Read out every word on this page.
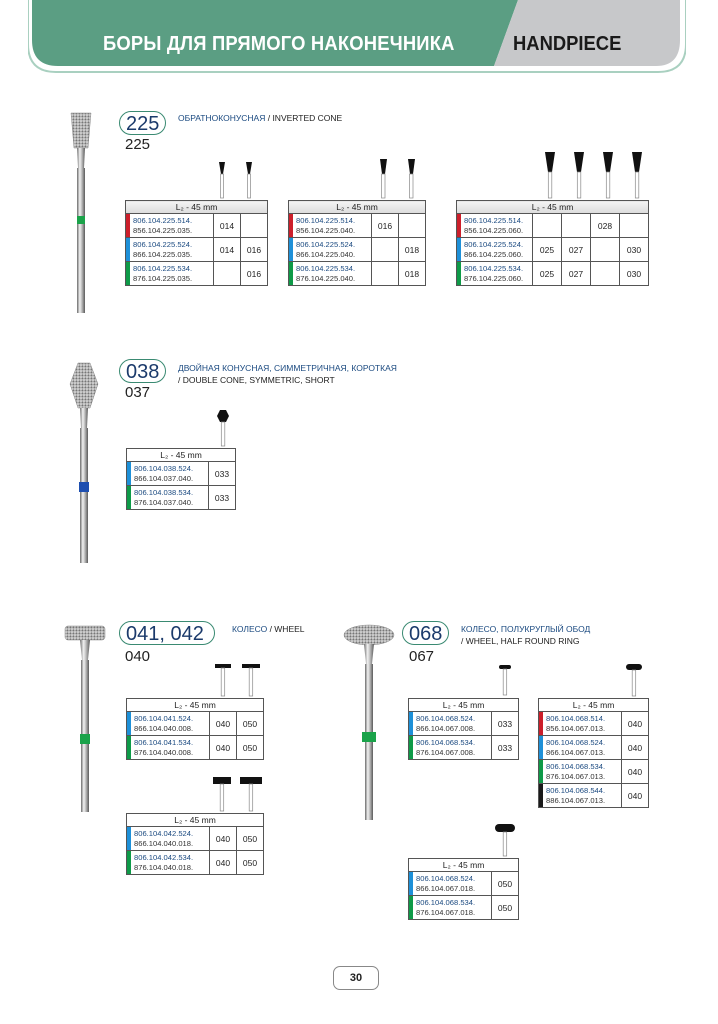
БОРЫ ДЛЯ ПРЯМОГО НАКОНЕЧНИКА	HANDPIECE
225
225
ОБРАТНОКОНУСНАЯ / INVERTED CONE
L₂ - 45 mm		

806.104.225.514.
856.104.225.035.	014	

806.104.225.524.
866.104.225.035.	014	016

806.104.225.534.
876.104.225.035.		016
L₂ - 45 mm		

806.104.225.514.
856.104.225.040.	016	

806.104.225.524.
866.104.225.040.		018

806.104.225.534.
876.104.225.040.		018
L₂ - 45 mm				

806.104.225.514.
856.104.225.060.			028	

806.104.225.524.
866.104.225.060.	025	027		030

806.104.225.534.
876.104.225.060.	025	027		030
038
037
ДВОЙНАЯ КОНУСНАЯ, СИММЕТРИЧНАЯ, КОРОТКАЯ
/ DOUBLE CONE, SYMMETRIC, SHORT
L₂ - 45 mm	

806.104.038.524.
866.104.037.040.	033

806.104.038.534.
876.104.037.040.	033
041, 042
040
КОЛЕСО / WHEEL
L₂ - 45 mm		

806.104.041.524.
866.104.040.008.	040	050

806.104.041.534.
876.104.040.008.	040	050
L₂ - 45 mm		

806.104.042.524.
866.104.040.018.	040	050

806.104.042.534.
876.104.040.018.	040	050
068
067
КОЛЕСО, ПОЛУКРУГЛЫЙ ОБОД
/ WHEEL, HALF ROUND RING
L₂ - 45 mm	

806.104.068.524.
866.104.067.008.	033

806.104.068.534.
876.104.067.008.	033
L₂ - 45 mm	

806.104.068.514.
856.104.067.013.	040

806.104.068.524.
866.104.067.013.	040

806.104.068.534.
876.104.067.013.	040

806.104.068.544.
886.104.067.013.	040
L₂ - 45 mm	

806.104.068.524.
866.104.067.018.	050

806.104.068.534.
876.104.067.018.	050
30
